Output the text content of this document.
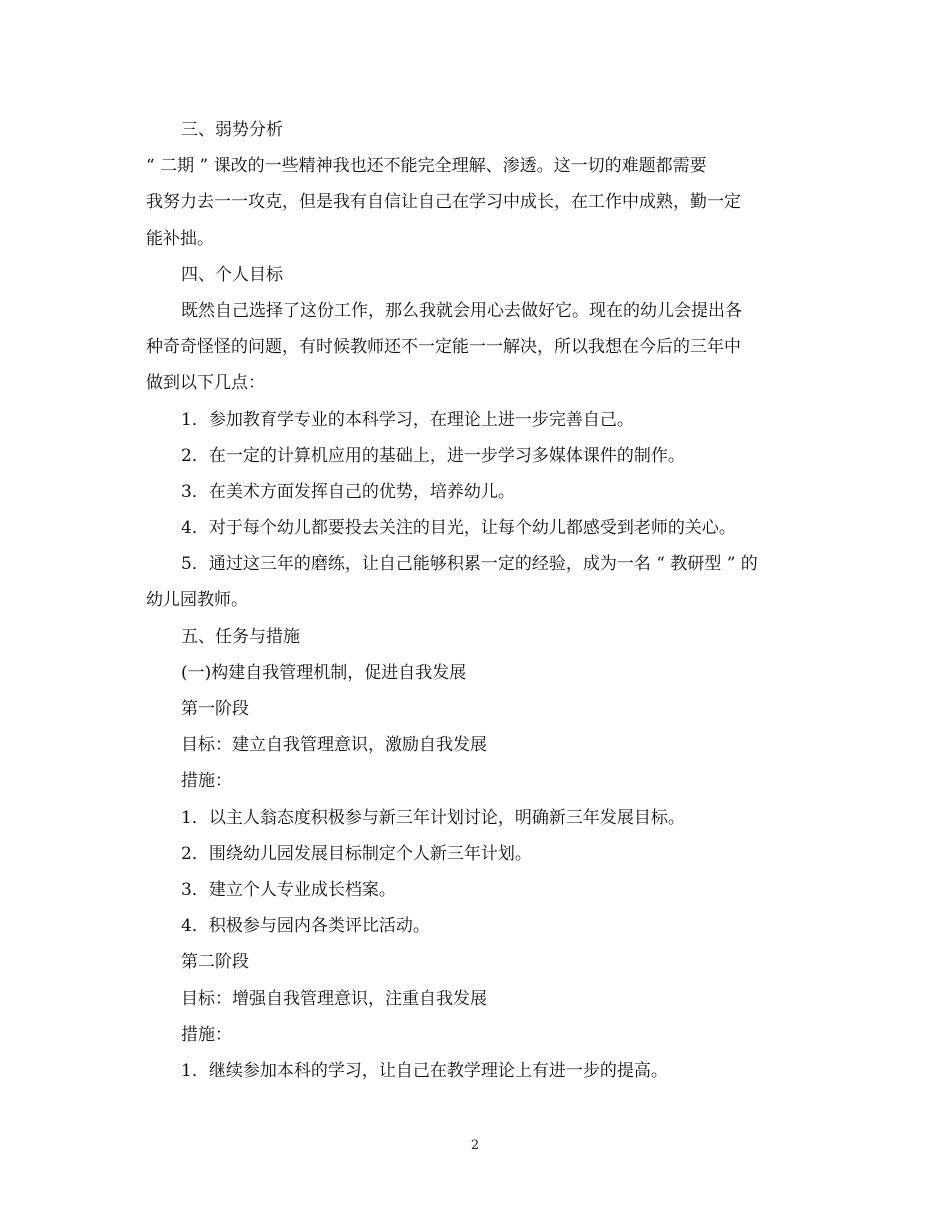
三、弱势分析
“ 二期 ” 课改的一些精神我也还不能完全理解、渗透。这一切的难题都需要
我努力去一一攻克，但是我有自信让自己在学习中成长，在工作中成熟，勤一定
能补拙。
四、个人目标
既然自己选择了这份工作，那么我就会用心去做好它。现在的幼儿会提出各
种奇奇怪怪的问题，有时候教师还不一定能一一解决，所以我想在今后的三年中
做到以下几点：
1．参加教育学专业的本科学习，在理论上进一步完善自己。
2．在一定的计算机应用的基础上，进一步学习多媒体课件的制作。
3．在美术方面发挥自己的优势，培养幼儿。
4．对于每个幼儿都要投去关注的目光，让每个幼儿都感受到老师的关心。
5．通过这三年的磨练，让自己能够积累一定的经验，成为一名 “ 教研型 ” 的
幼儿园教师。
五、任务与措施
(一)构建自我管理机制，促进自我发展
第一阶段
目标：建立自我管理意识，激励自我发展
措施：
1．以主人翁态度积极参与新三年计划讨论，明确新三年发展目标。
2．围绕幼儿园发展目标制定个人新三年计划。
3．建立个人专业成长档案。
4．积极参与园内各类评比活动。
第二阶段
目标：增强自我管理意识，注重自我发展
措施：
1．继续参加本科的学习，让自己在教学理论上有进一步的提高。
2
